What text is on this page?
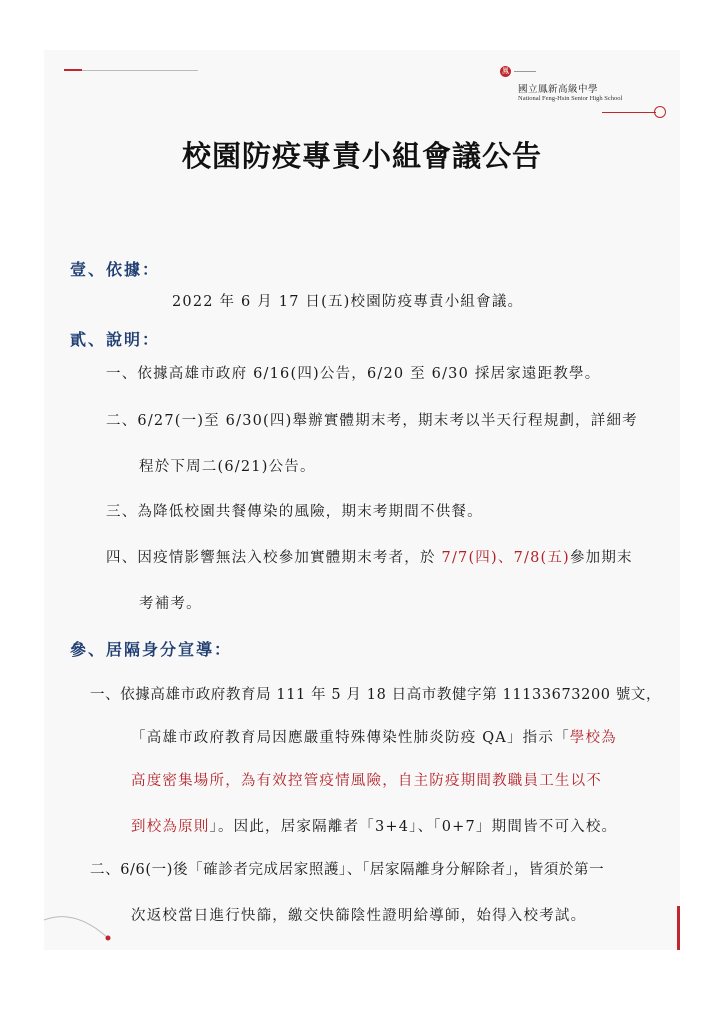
鳳
國立鳳新高級中學
National Feng-Hsin Senior High School
校園防疫專責小組會議公告
壹、依據：
2022 年 6 月 17 日(五)校園防疫專責小組會議。
貳、說明：
一、依據高雄市政府 6/16(四)公告，6/20 至 6/30 採居家遠距教學。
二、6/27(一)至 6/30(四)舉辦實體期末考，期末考以半天行程規劃，詳細考
程於下周二(6/21)公告。
三、為降低校園共餐傳染的風險，期末考期間不供餐。
四、因疫情影響無法入校參加實體期末考者，於 7/7(四)、7/8(五)參加期末
考補考。
參、居隔身分宣導：
一、依據高雄市政府教育局 111 年 5 月 18 日高市教健字第 11133673200 號文，
「高雄市政府教育局因應嚴重特殊傳染性肺炎防疫 QA」指示「學校為
高度密集場所，為有效控管疫情風險，自主防疫期間教職員工生以不
到校為原則」。因此，居家隔離者「3+4」、「0+7」期間皆不可入校。
二、6/6(一)後「確診者完成居家照護」、「居家隔離身分解除者」，皆須於第一
次返校當日進行快篩，繳交快篩陰性證明給導師，始得入校考試。
